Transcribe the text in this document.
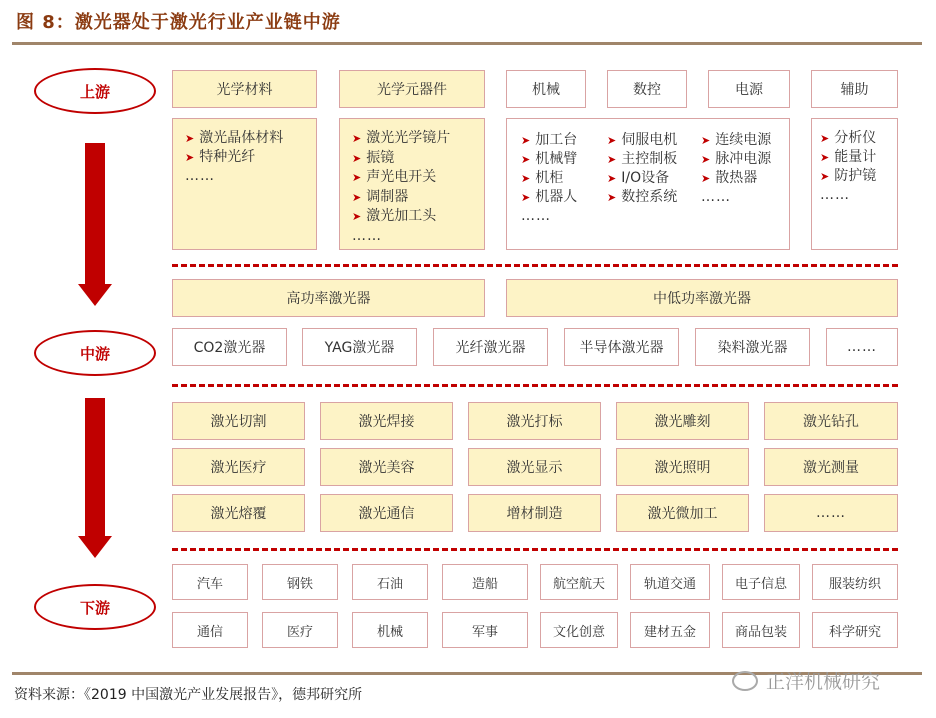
图 8：激光器处于激光行业产业链中游
上游
中游
下游
光学材料	光学元器件	机械	数控	电源	辅助
➤ 激光晶体材料
➤ 特种光纤
……
➤ 激光光学镜片
➤ 振镜
➤ 声光电开关
➤ 调制器
➤ 激光加工头
……
➤ 加工台
➤ 机械臂
➤ 机柜
➤ 机器人
……
➤ 伺服电机
➤ 主控制板
➤ I/O设备
➤ 数控系统
➤ 连续电源
➤ 脉冲电源
➤ 散热器
……
➤ 分析仪
➤ 能量计
➤ 防护镜
……
高功率激光器	中低功率激光器
CO2激光器	YAG激光器	光纤激光器	半导体激光器	染料激光器	……
激光切割	激光焊接	激光打标	激光雕刻	激光钻孔
激光医疗	激光美容	激光显示	激光照明	激光测量
激光熔覆	激光通信	增材制造	激光微加工	……
汽车	钢铁	石油	造船	航空航天	轨道交通	电子信息	服装纺织
通信	医疗	机械	军事	文化创意	建材五金	商品包装	科学研究
资料来源：《2019 中国激光产业发展报告》，德邦研究所
正洋机械研究
